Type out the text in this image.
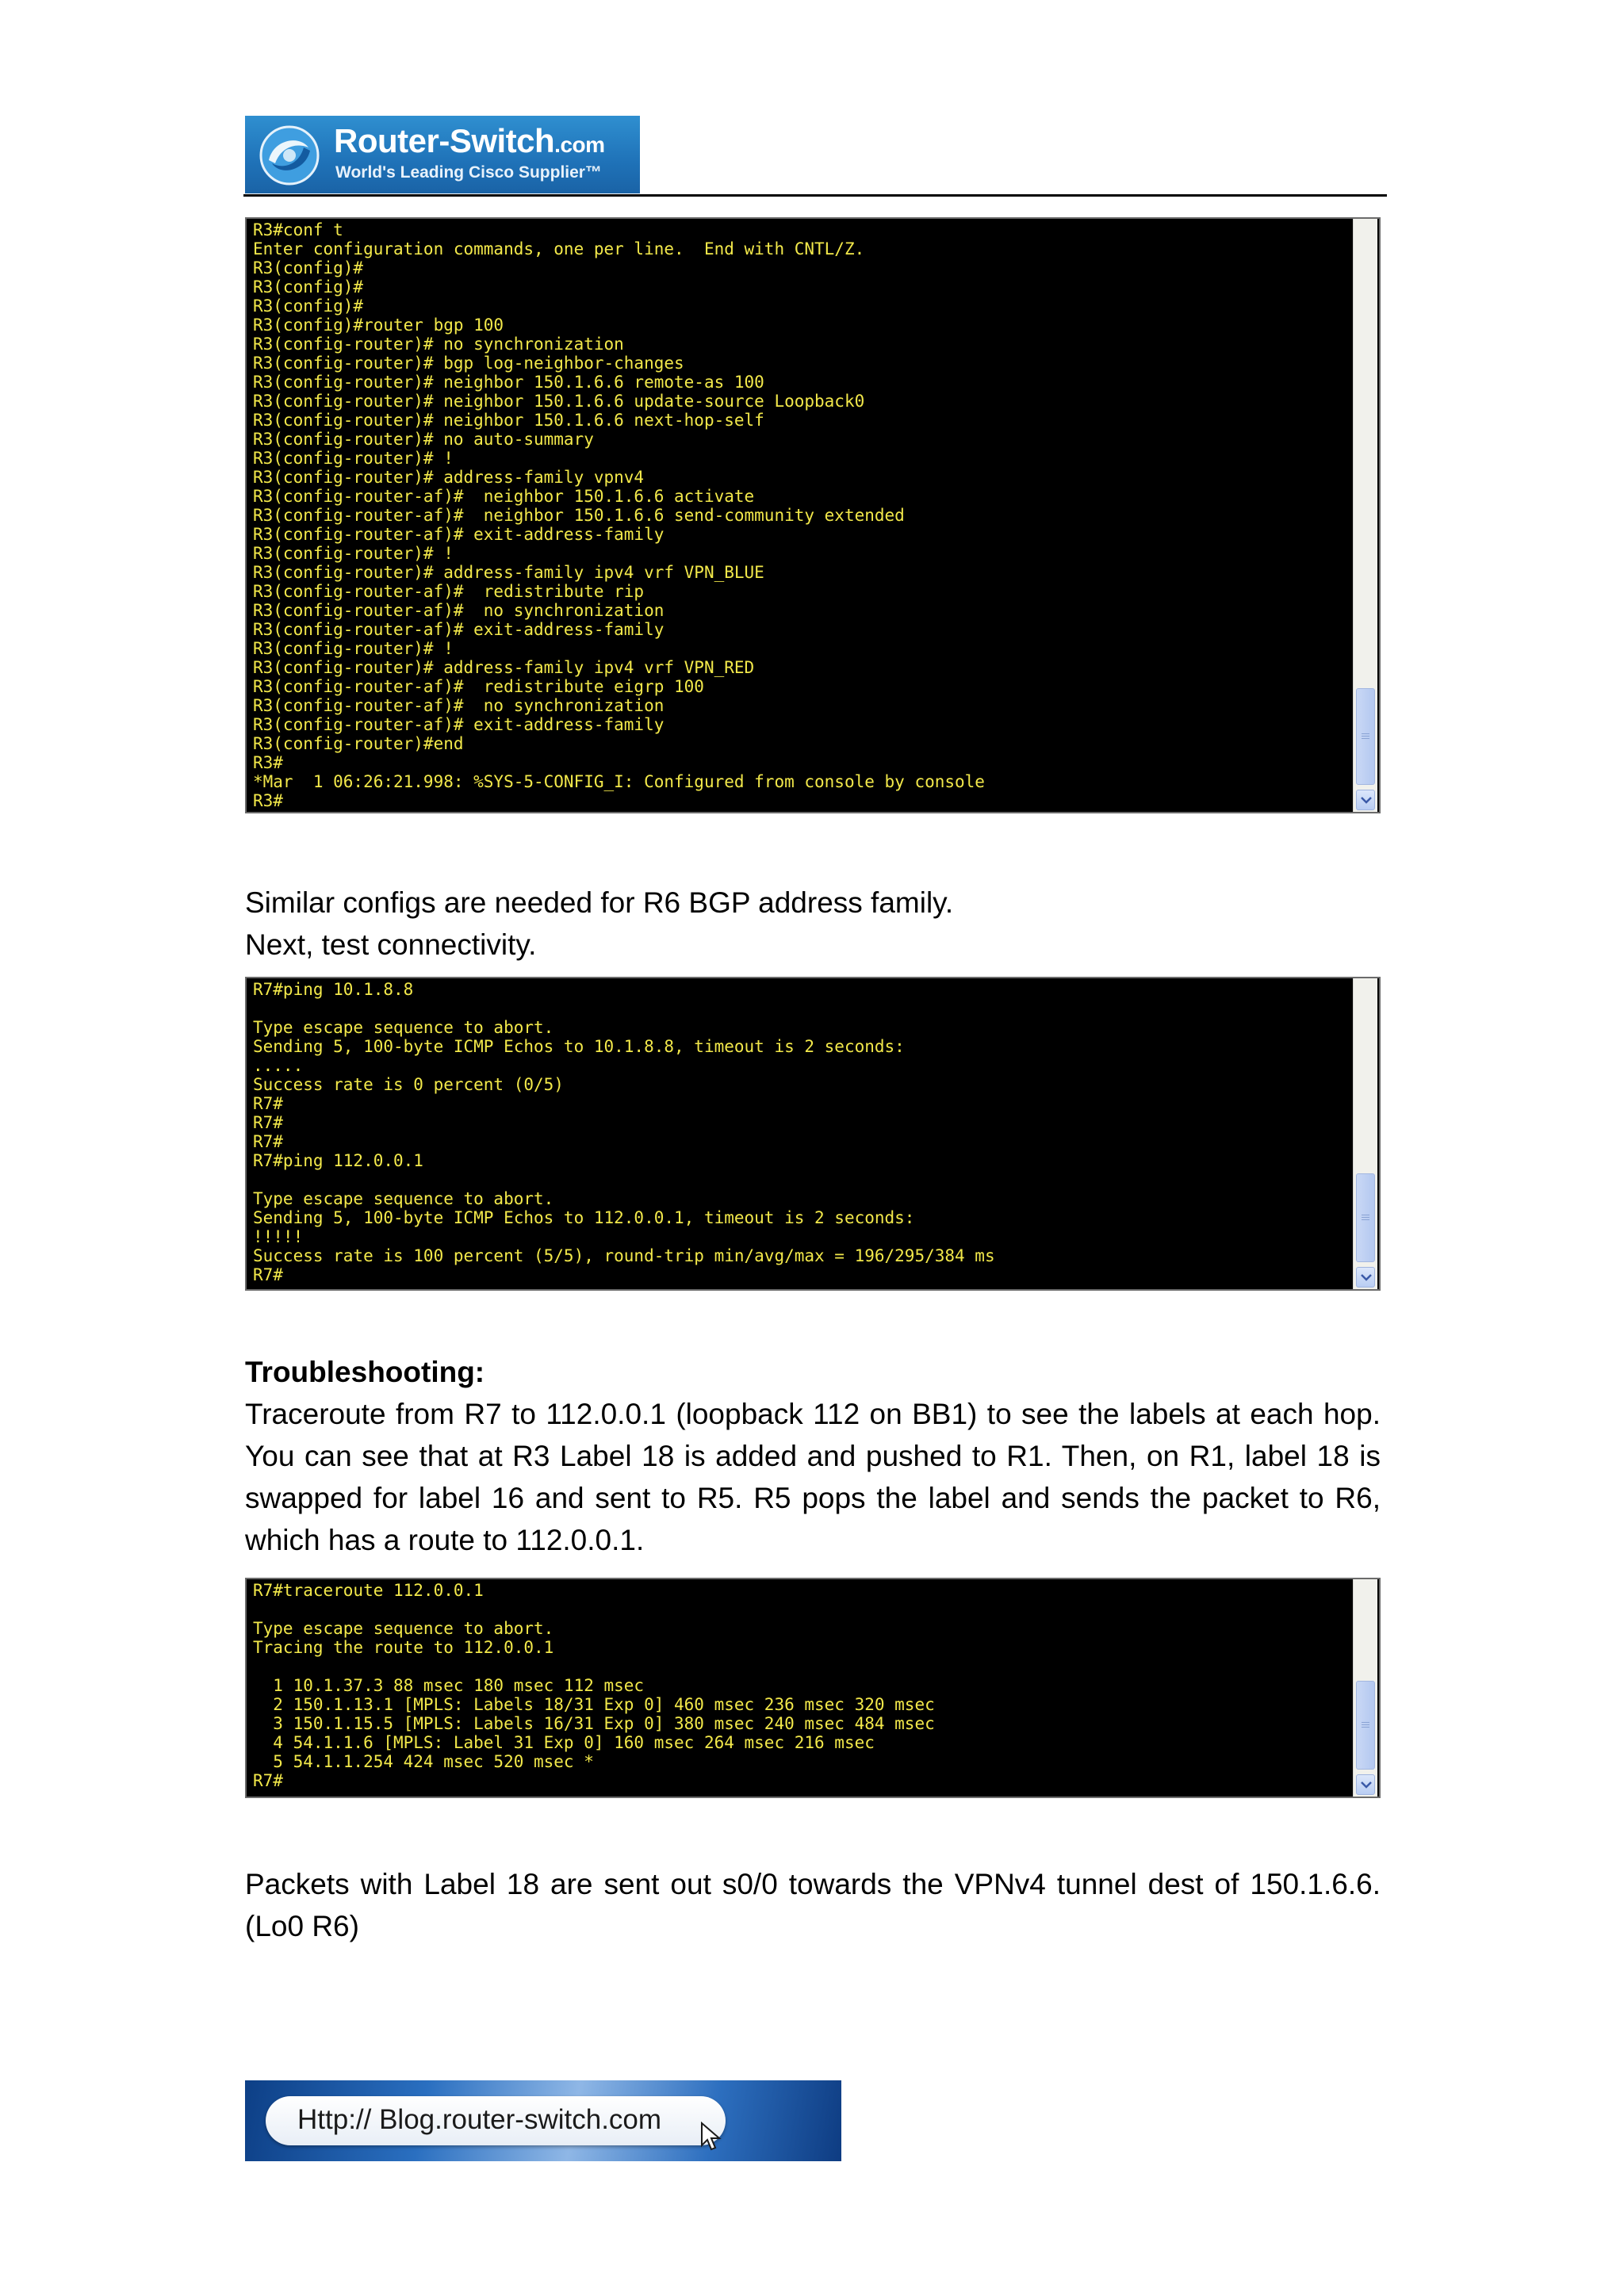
Router-Switch.com
World's Leading Cisco Supplier™
R3#conf t
Enter configuration commands, one per line.  End with CNTL/Z.
R3(config)#
R3(config)#
R3(config)#
R3(config)#router bgp 100
R3(config-router)# no synchronization
R3(config-router)# bgp log-neighbor-changes
R3(config-router)# neighbor 150.1.6.6 remote-as 100
R3(config-router)# neighbor 150.1.6.6 update-source Loopback0
R3(config-router)# neighbor 150.1.6.6 next-hop-self
R3(config-router)# no auto-summary
R3(config-router)# !
R3(config-router)# address-family vpnv4
R3(config-router-af)#  neighbor 150.1.6.6 activate
R3(config-router-af)#  neighbor 150.1.6.6 send-community extended
R3(config-router-af)# exit-address-family
R3(config-router)# !
R3(config-router)# address-family ipv4 vrf VPN_BLUE
R3(config-router-af)#  redistribute rip
R3(config-router-af)#  no synchronization
R3(config-router-af)# exit-address-family
R3(config-router)# !
R3(config-router)# address-family ipv4 vrf VPN_RED
R3(config-router-af)#  redistribute eigrp 100
R3(config-router-af)#  no synchronization
R3(config-router-af)# exit-address-family
R3(config-router)#end
R3#
*Mar  1 06:26:21.998: %SYS-5-CONFIG_I: Configured from console by console
R3#
Similar configs are needed for R6 BGP address family.
Next, test connectivity.
R7#ping 10.1.8.8

Type escape sequence to abort.
Sending 5, 100-byte ICMP Echos to 10.1.8.8, timeout is 2 seconds:
.....
Success rate is 0 percent (0/5)
R7#
R7#
R7#
R7#ping 112.0.0.1

Type escape sequence to abort.
Sending 5, 100-byte ICMP Echos to 112.0.0.1, timeout is 2 seconds:
!!!!!
Success rate is 100 percent (5/5), round-trip min/avg/max = 196/295/384 ms
R7#
Troubleshooting:
Traceroute from R7 to 112.0.0.1 (loopback 112 on BB1) to see the labels at each hop. You can see that at R3 Label 18 is added and pushed to R1. Then, on R1, label 18 is swapped for label 16 and sent to R5. R5 pops the label and sends the packet to R6, which has a route to 112.0.0.1.
R7#traceroute 112.0.0.1

Type escape sequence to abort.
Tracing the route to 112.0.0.1

1 10.1.37.3 88 msec 180 msec 112 msec
2 150.1.13.1 [MPLS: Labels 18/31 Exp 0] 460 msec 236 msec 320 msec
3 150.1.15.5 [MPLS: Labels 16/31 Exp 0] 380 msec 240 msec 484 msec
4 54.1.1.6 [MPLS: Label 31 Exp 0] 160 msec 264 msec 216 msec
5 54.1.1.254 424 msec 520 msec *
R7#
Packets with Label 18 are sent out s0/0 towards the VPNv4 tunnel dest of 150.1.6.6.(Lo0 R6)
Http:// Blog.router-switch.com
